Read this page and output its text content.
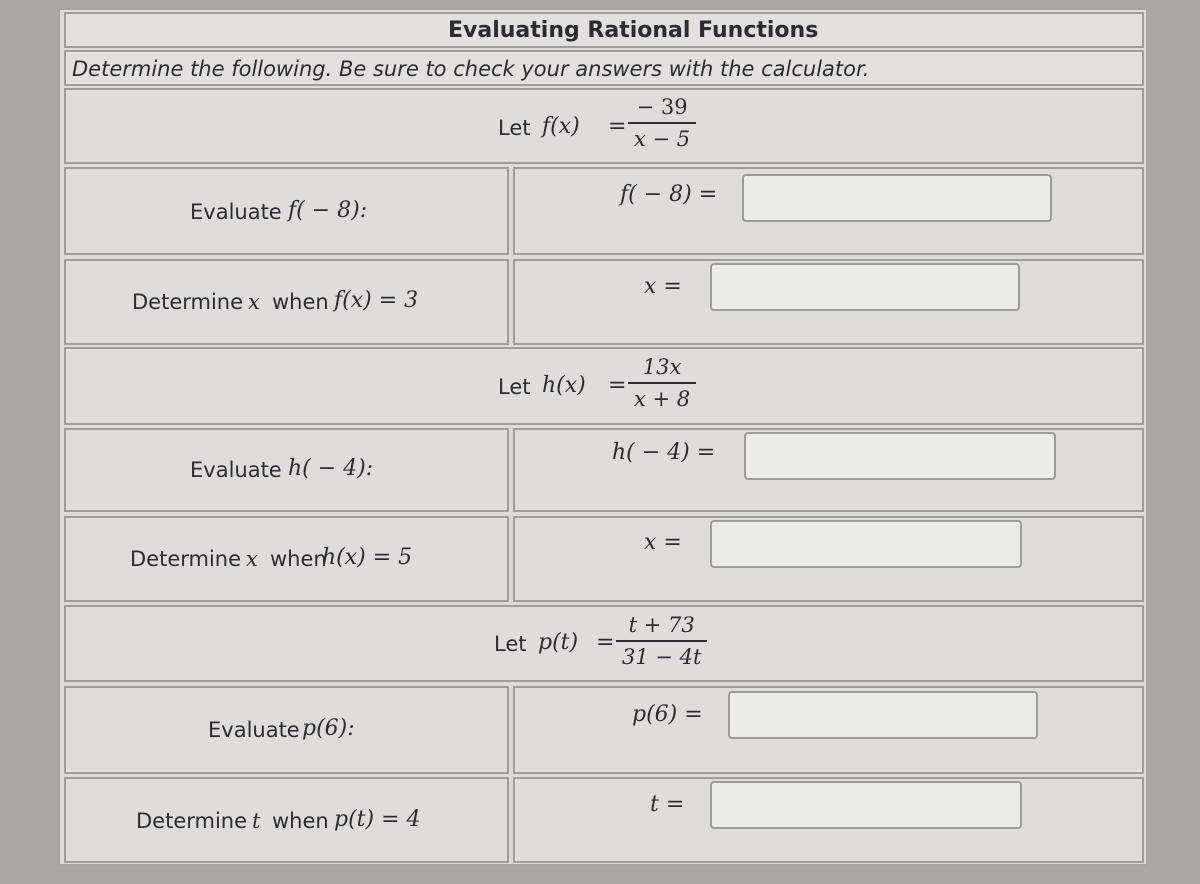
Evaluating Rational Functions
Determine the following. Be sure to check your answers with the calculator.
Let f(x) =
− 39
x − 5
Evaluate f( − 8):
f( − 8) =
Determine x when f(x) = 3
x =
Let h(x) =
13x
x + 8
Evaluate h( − 4):
h( − 4) =
Determine x when
h(x) = 5
x =
Let p(t) =
t + 73
31 − 4t
Evaluate p(6):
p(6) =
Determine t when p(t) = 4
t =
